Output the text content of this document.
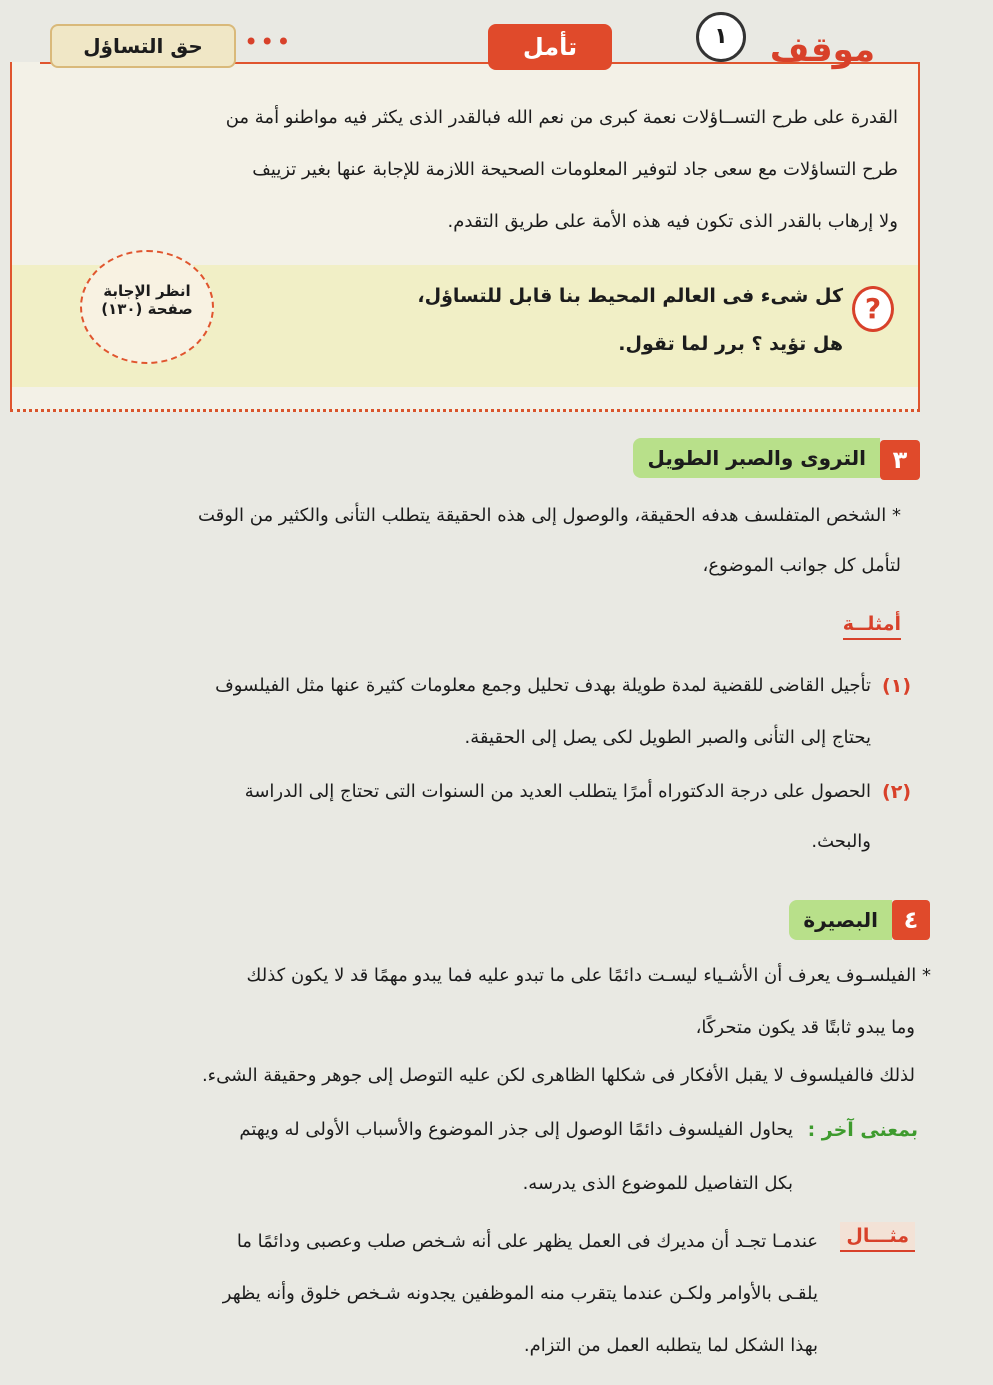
موقف
١
تأمل
حق التساؤل	•••
القدرة على طرح التســاؤلات نعمة كبرى من نعم الله فبالقدر الذى يكثر فيه مواطنو أمة من
طرح التساؤلات مع سعى جاد لتوفير المعلومات الصحيحة اللازمة للإجابة عنها بغير تزييف
ولا إرهاب بالقدر الذى تكون فيه هذه الأمة على طريق التقدم.
?
كل شىء فى العالم المحيط بنا قابل للتساؤل،
هل تؤيد ؟ برر لما تقول.
انظر الإجابة
صفحة (١٣٠)
٣
التروى والصبر الطويل
* الشخص المتفلسف هدفه الحقيقة، والوصول إلى هذه الحقيقة يتطلب التأنى والكثير من الوقت
لتأمل كل جوانب الموضوع،
أمثلــة
(١)
تأجيل القاضى للقضية لمدة طويلة بهدف تحليل وجمع معلومات كثيرة عنها مثل الفيلسوف
يحتاج إلى التأنى والصبر الطويل لكى يصل إلى الحقيقة.
(٢)
الحصول على درجة الدكتوراه أمرًا يتطلب العديد من السنوات التى تحتاج إلى الدراسة
والبحث.
٤
البصيرة
* الفيلسـوف يعرف أن الأشـياء ليسـت دائمًا على ما تبدو عليه فما يبدو مهمًا قد لا يكون كذلك
وما يبدو ثابتًا قد يكون متحركًا،
لذلك فالفيلسوف لا يقبل الأفكار فى شكلها الظاهرى لكن عليه التوصل إلى جوهر وحقيقة الشىء.
بمعنى آخر :
يحاول الفيلسوف دائمًا الوصول إلى جذر الموضوع والأسباب الأولى له ويهتم
بكل التفاصيل للموضوع الذى يدرسه.
مثـــال
عندمـا تجـد أن مديرك فى العمل يظهر على أنه شـخص صلب وعصبى ودائمًا ما
يلقـى بالأوامر ولكـن عندما يتقرب منه الموظفين يجدونه شـخص خلوق وأنه يظهر
بهذا الشكل لما يتطلبه العمل من التزام.
